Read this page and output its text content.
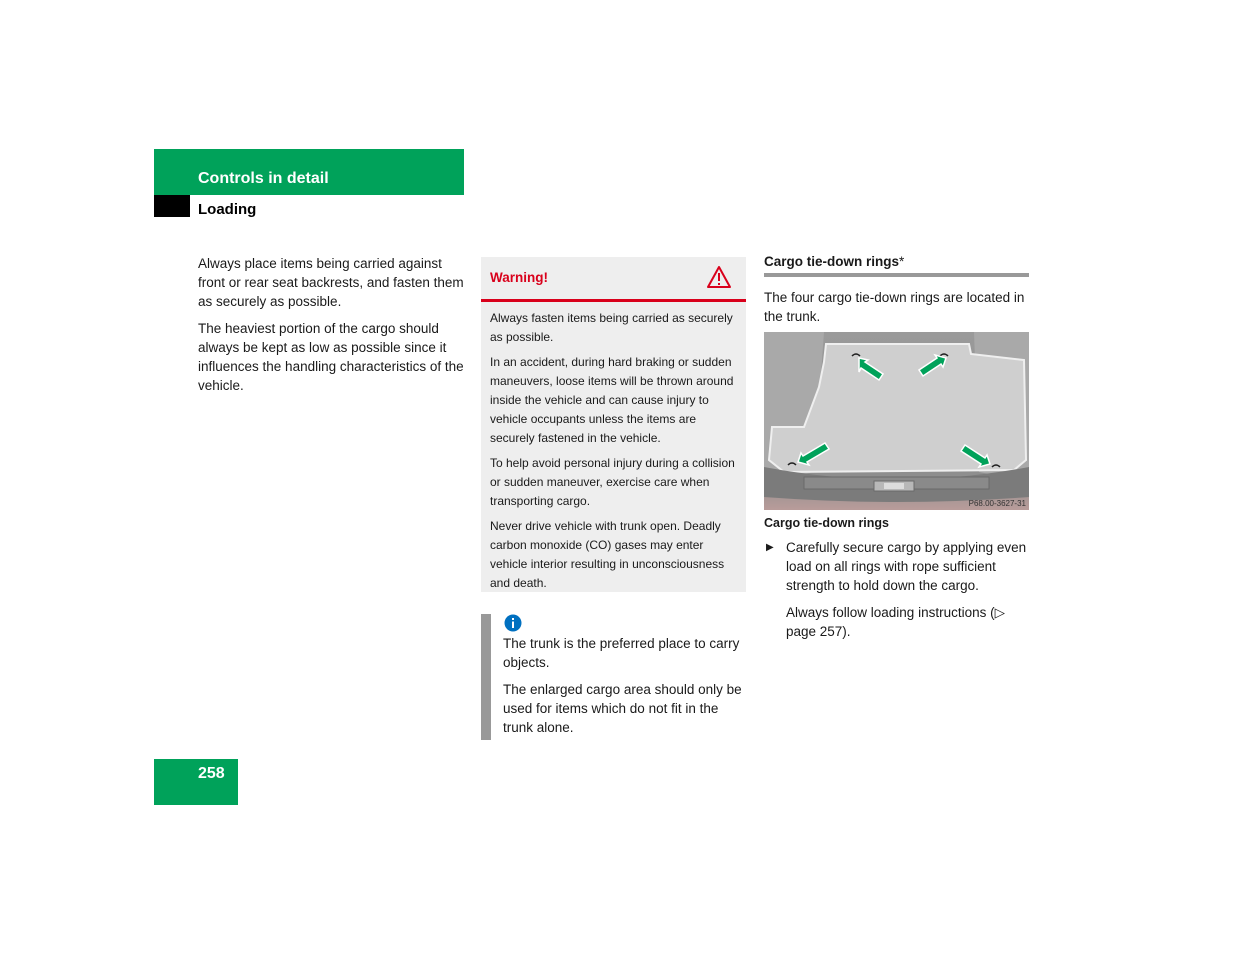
Controls in detail
Loading

Always place items being carried against front or rear seat backrests, and fasten them as securely as possible.

The heaviest portion of the cargo should always be kept as low as possible since it influences the handling characteristics of the vehicle.

Warning!

Always fasten items being carried as securely as possible.

In an accident, during hard braking or sudden maneuvers, loose items will be thrown around inside the vehicle and can cause injury to vehicle occupants unless the items are securely fastened in the vehicle.

To help avoid personal injury during a collision or sudden maneuver, exercise care when transporting cargo.

Never drive vehicle with trunk open. Deadly carbon monoxide (CO) gases may enter vehicle interior resulting in unconsciousness and death.

The trunk is the preferred place to carry objects.

The enlarged cargo area should only be used for items which do not fit in the trunk alone.

Cargo tie-down rings*
The four cargo tie-down rings are located in the trunk.
P68.00-3627-31
Cargo tie-down rings
▶ Carefully secure cargo by applying even load on all rings with rope sufficient strength to hold down the cargo.

Always follow loading instructions (▷ page 257).

258
